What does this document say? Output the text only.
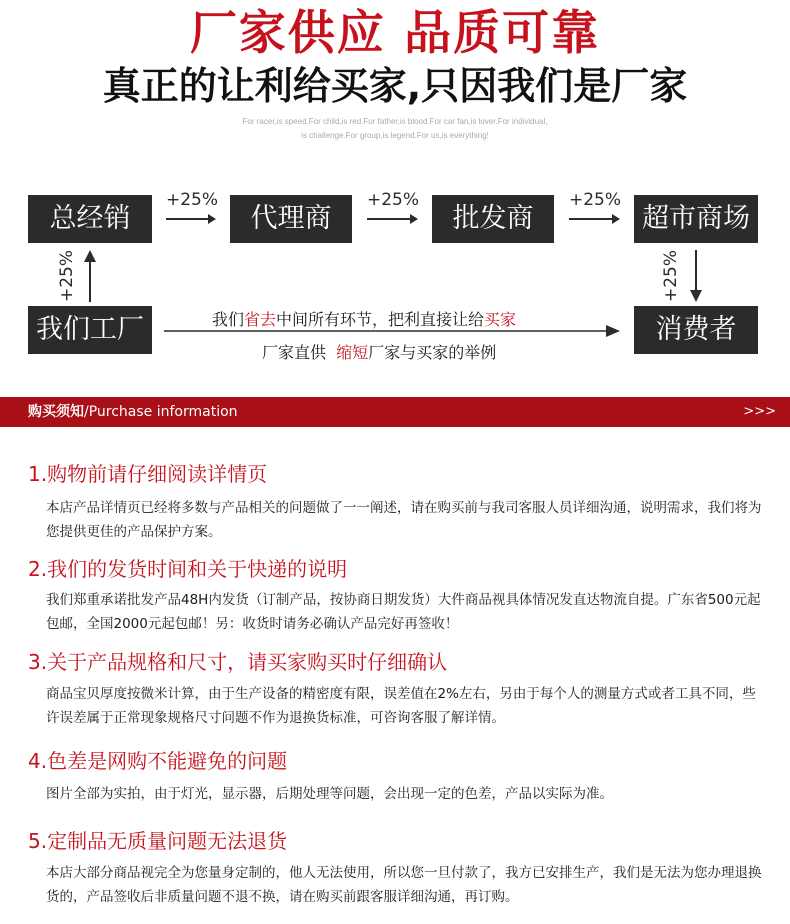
厂家供应 品质可靠
真正的让利给买家,只因我们是厂家
For racer,is speed.For child,is red.For father,is blood.For car fan,is lover.For individual,
is challenge.For group,is legend.For us,is everything!
总经销	代理商	批发商	超市商场
+25%	+25%	+25%
我们工厂	消费者
+25%	+25%
我们省去中间所有环节，把利直接让给买家
厂家直供 缩短厂家与买家的举例
购买须知/Purchase information	>>>
1.购物前请仔细阅读详情页
本店产品详情页已经将多数与产品相关的问题做了一一阐述，请在购买前与我司客服人员详细沟通，说明需求，我们将为您提供更佳的产品保护方案。
2.我们的发货时间和关于快递的说明
我们郑重承诺批发产品48H内发货（订制产品，按协商日期发货）大件商品视具体情况发直达物流自提。广东省500元起包邮，全国2000元起包邮！另：收货时请务必确认产品完好再签收！
3.关于产品规格和尺寸，请买家购买时仔细确认
商品宝贝厚度按微米计算，由于生产设备的精密度有限，误差值在2%左右，另由于每个人的测量方式或者工具不同，些许误差属于正常现象规格尺寸问题不作为退换货标准，可咨询客服了解详情。
4.色差是网购不能避免的问题
图片全部为实拍，由于灯光，显示器，后期处理等问题，会出现一定的色差，产品以实际为准。
5.定制品无质量问题无法退货
本店大部分商品视完全为您量身定制的，他人无法使用，所以您一旦付款了，我方已安排生产，我们是无法为您办理退换货的，产品签收后非质量问题不退不换，请在购买前跟客服详细沟通，再订购。
